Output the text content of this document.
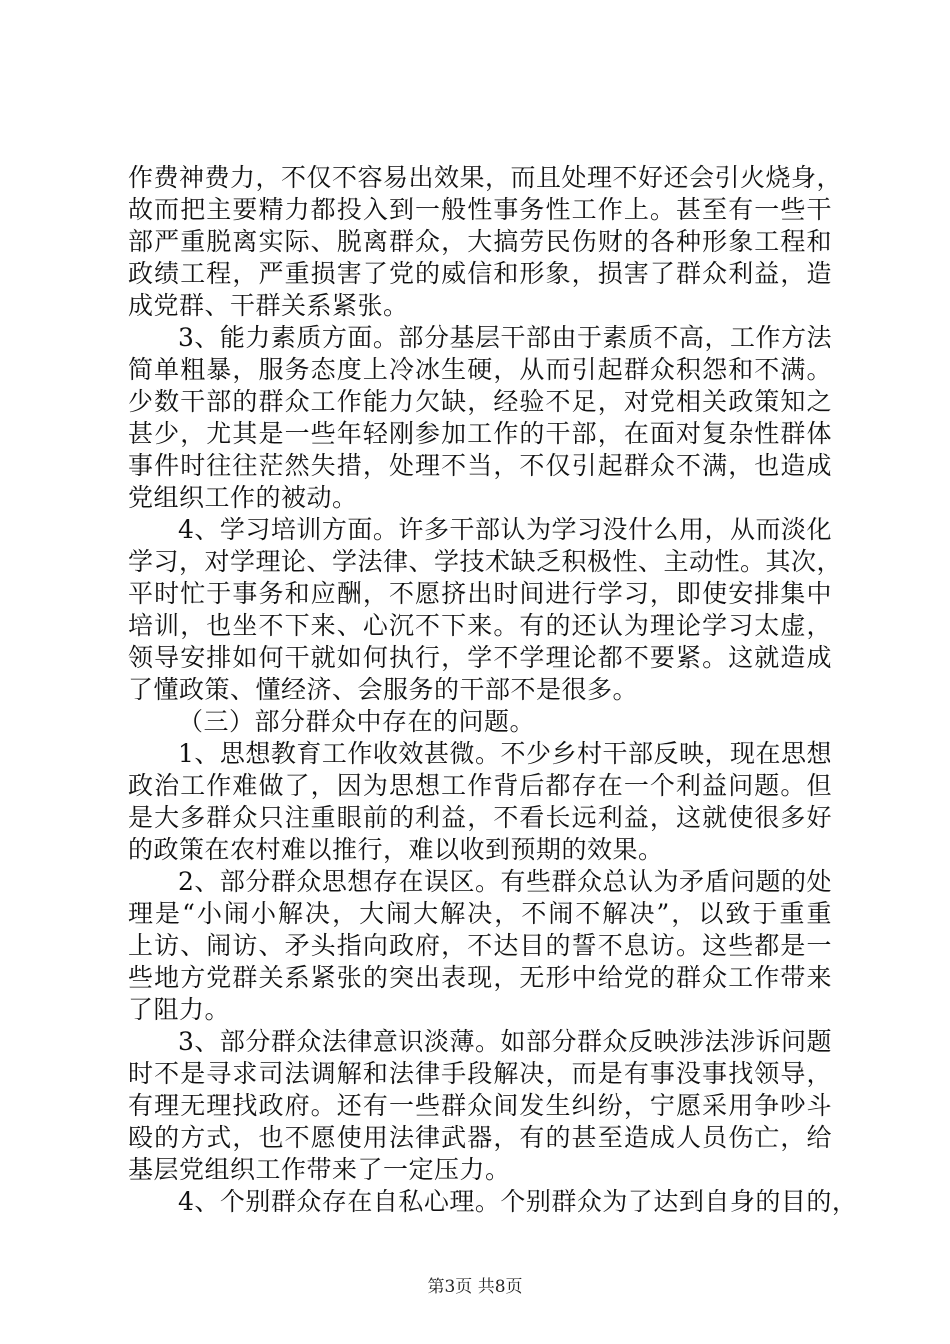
作费神费力，不仅不容易出效果，而且处理不好还会引火烧身，
故而把主要精力都投入到一般性事务性工作上。甚至有一些干
部严重脱离实际、脱离群众，大搞劳民伤财的各种形象工程和
政绩工程，严重损害了党的威信和形象，损害了群众利益，造
成党群、干群关系紧张。
3、能力素质方面。部分基层干部由于素质不高，工作方法
简单粗暴，服务态度上冷冰生硬，从而引起群众积怨和不满。
少数干部的群众工作能力欠缺，经验不足，对党相关政策知之
甚少，尤其是一些年轻刚参加工作的干部，在面对复杂性群体
事件时往往茫然失措，处理不当，不仅引起群众不满，也造成
党组织工作的被动。
4、学习培训方面。许多干部认为学习没什么用，从而淡化
学习，对学理论、学法律、学技术缺乏积极性、主动性。其次，
平时忙于事务和应酬，不愿挤出时间进行学习，即使安排集中
培训，也坐不下来、心沉不下来。有的还认为理论学习太虚，
领导安排如何干就如何执行，学不学理论都不要紧。这就造成
了懂政策、懂经济、会服务的干部不是很多。
（三）部分群众中存在的问题。
1、思想教育工作收效甚微。不少乡村干部反映，现在思想
政治工作难做了，因为思想工作背后都存在一个利益问题。但
是大多群众只注重眼前的利益，不看长远利益，这就使很多好
的政策在农村难以推行，难以收到预期的效果。
2、部分群众思想存在误区。有些群众总认为矛盾问题的处
理是“小闹小解决，大闹大解决，不闹不解决”，以致于重重
上访、闹访、矛头指向政府，不达目的誓不息访。这些都是一
些地方党群关系紧张的突出表现，无形中给党的群众工作带来
了阻力。
3、部分群众法律意识淡薄。如部分群众反映涉法涉诉问题
时不是寻求司法调解和法律手段解决，而是有事没事找领导，
有理无理找政府。还有一些群众间发生纠纷，宁愿采用争吵斗
殴的方式，也不愿使用法律武器，有的甚至造成人员伤亡，给
基层党组织工作带来了一定压力。
4、个别群众存在自私心理。个别群众为了达到自身的目的，
第3页 共8页
